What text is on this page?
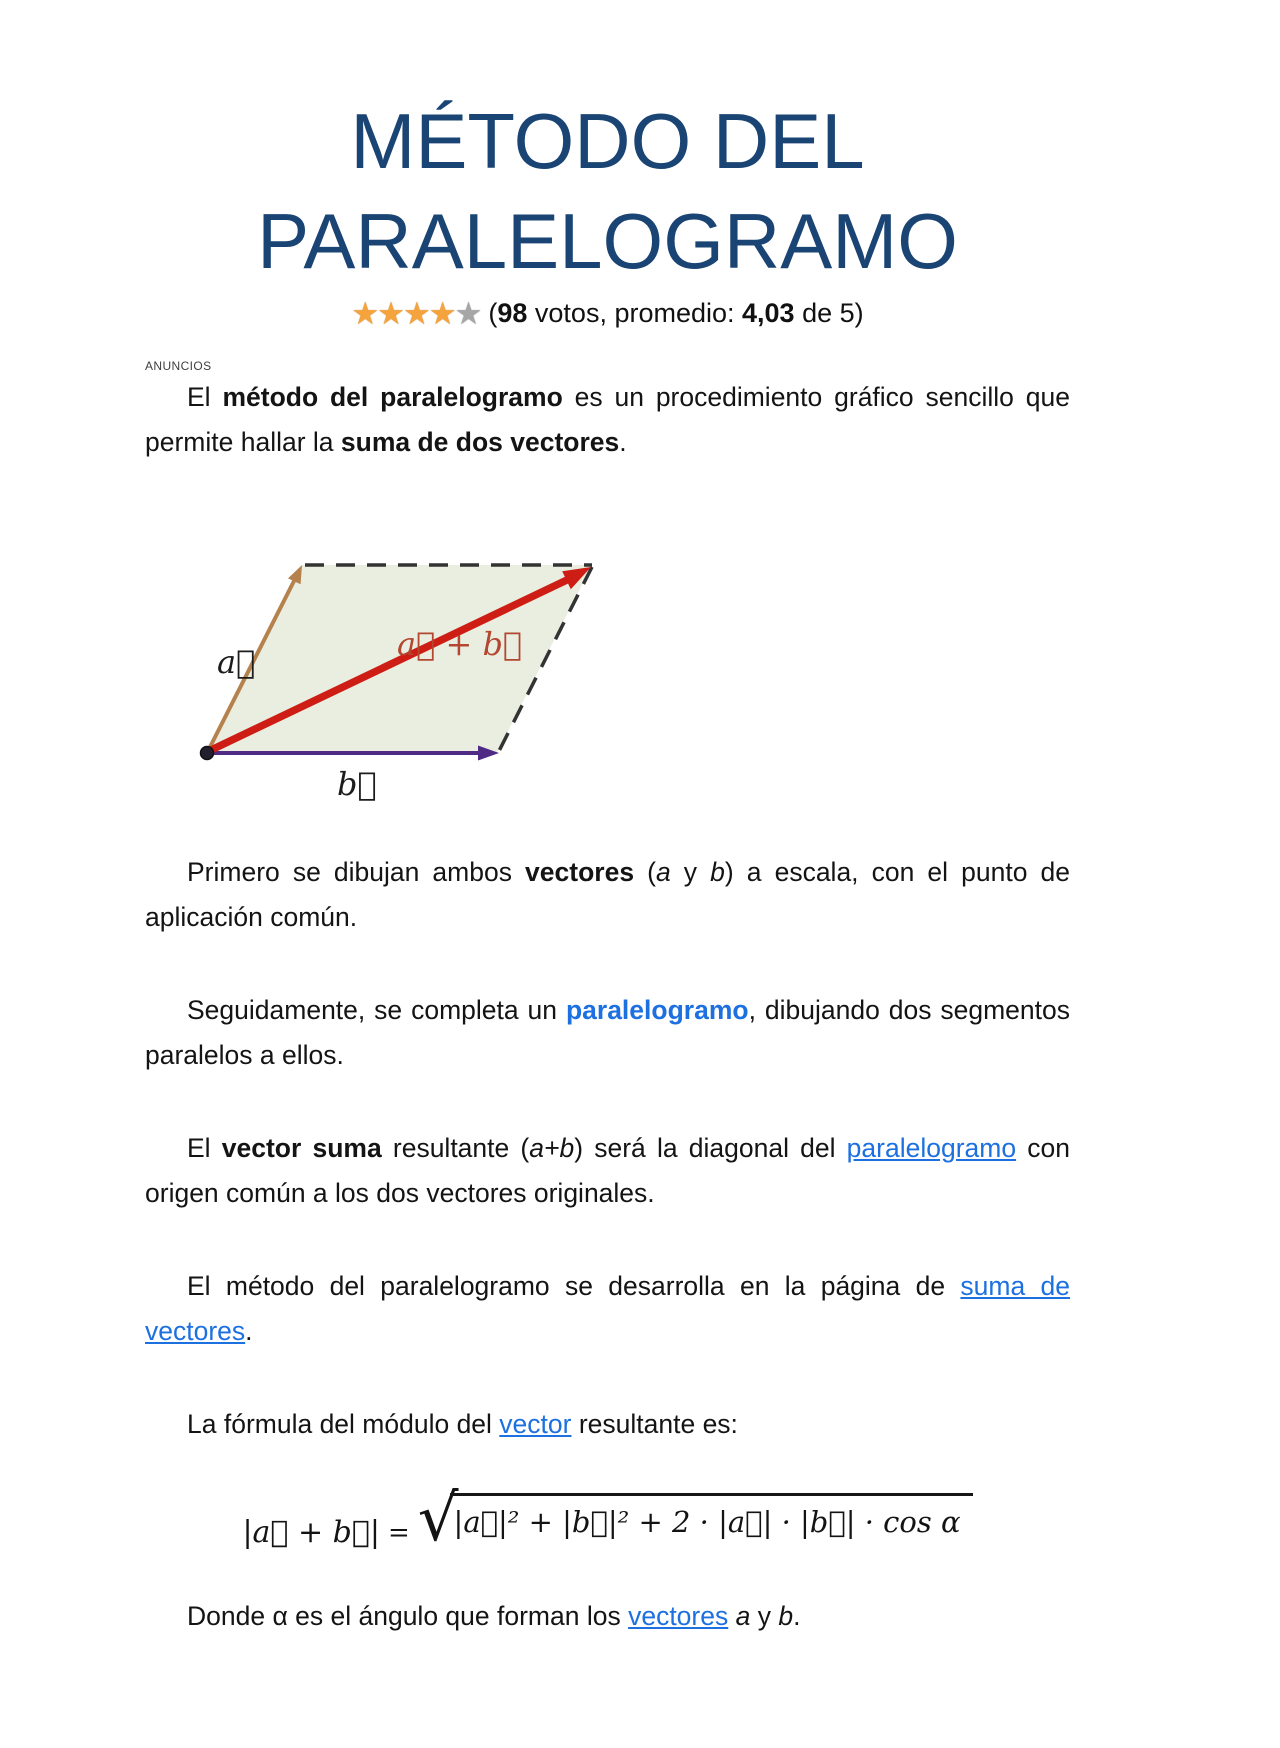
MÉTODO DEL
PARALELOGRAMO
★ ★ ★ ★ ★ (98 votos, promedio: 4,03 de 5)
ANUNCIOS

El método del paralelogramo es un procedimiento gráfico sencillo que permite hallar la suma de dos vectores.

a⃗	a⃗ + b⃗
b⃗

Primero se dibujan ambos vectores (a y b) a escala, con el punto de aplicación común.

Seguidamente, se completa un paralelogramo, dibujando dos segmentos paralelos a ellos.

El vector suma resultante (a+b) será la diagonal del paralelogramo con origen común a los dos vectores originales.

El método del paralelogramo se desarrolla en la página de suma de vectores.

La fórmula del módulo del vector resultante es:

|a⃗ + b⃗| = √
|a⃗|² + |b⃗|² + 2 · |a⃗| · |b⃗| · cos α

Donde α es el ángulo que forman los vectores a y b.
